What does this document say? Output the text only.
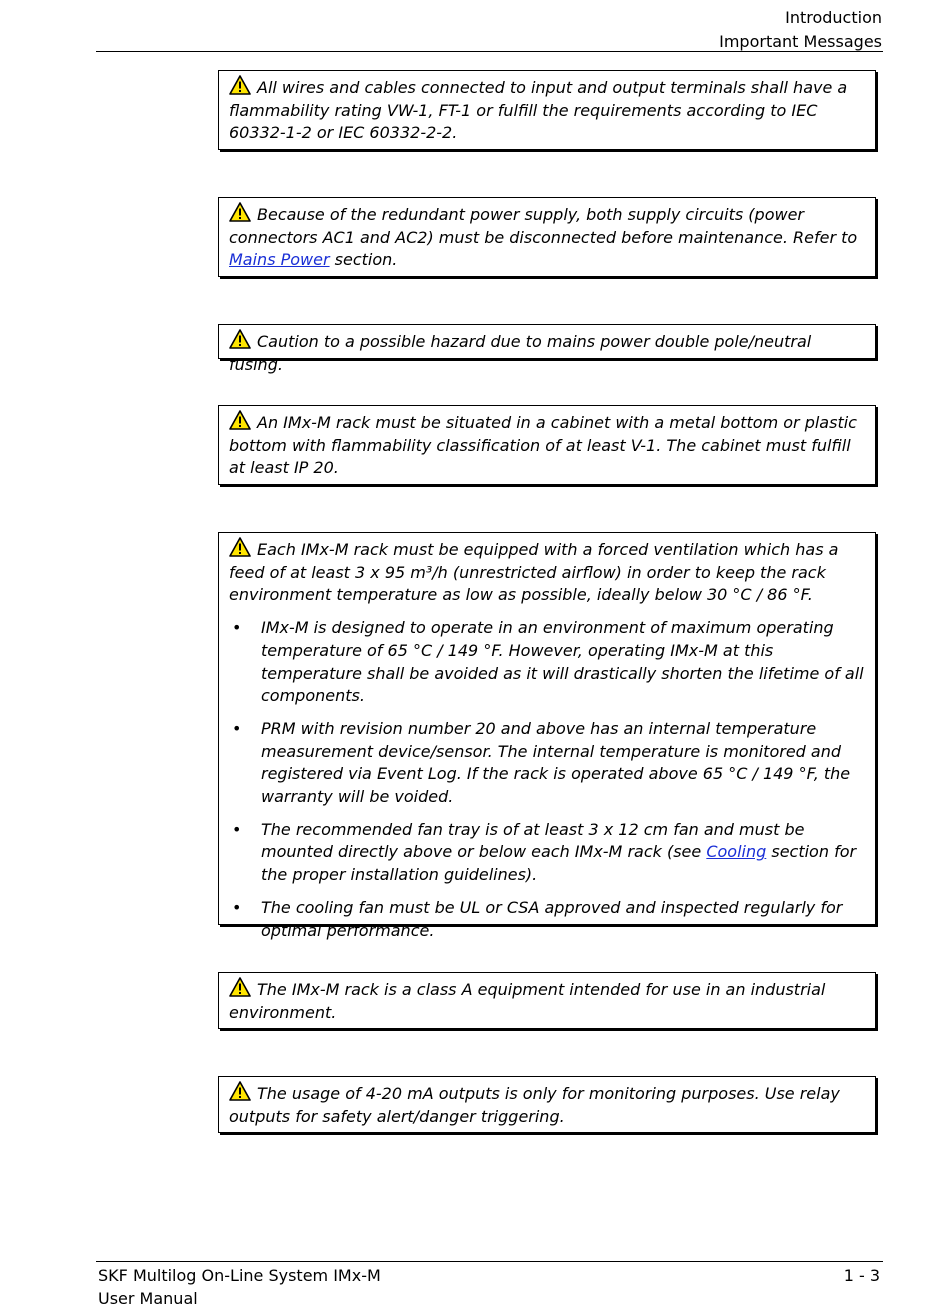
Introduction
Important Messages

All wires and cables connected to input and output terminals shall have a flammability rating VW-1, FT-1 or fulfill the requirements according to IEC 60332-1-2 or IEC 60332-2-2.

Because of the redundant power supply, both supply circuits (power connectors AC1 and AC2) must be disconnected before maintenance. Refer to Mains Power section.

Caution to a possible hazard due to mains power double pole/neutral fusing.

An IMx-M rack must be situated in a cabinet with a metal bottom or plastic bottom with flammability classification of at least V-1. The cabinet must fulfill at least IP 20.

Each IMx-M rack must be equipped with a forced ventilation which has a feed of at least 3 x 95 m³/h (unrestricted airflow) in order to keep the rack environment temperature as low as possible, ideally below 30 °C / 86 °F.

• IMx-M is designed to operate in an environment of maximum operating temperature of 65 °C / 149 °F. However, operating IMx-M at this temperature shall be avoided as it will drastically shorten the lifetime of all components.
• PRM with revision number 20 and above has an internal temperature measurement device/sensor. The internal temperature is monitored and registered via Event Log. If the rack is operated above 65 °C / 149 °F, the warranty will be voided.
• The recommended fan tray is of at least 3 x 12 cm fan and must be mounted directly above or below each IMx-M rack (see Cooling section for the proper installation guidelines).
• The cooling fan must be UL or CSA approved and inspected regularly for optimal performance.

The IMx-M rack is a class A equipment intended for use in an industrial environment.

The usage of 4-20 mA outputs is only for monitoring purposes. Use relay outputs for safety alert/danger triggering.

SKF Multilog On-Line System IMx-M
User Manual
1 - 3
